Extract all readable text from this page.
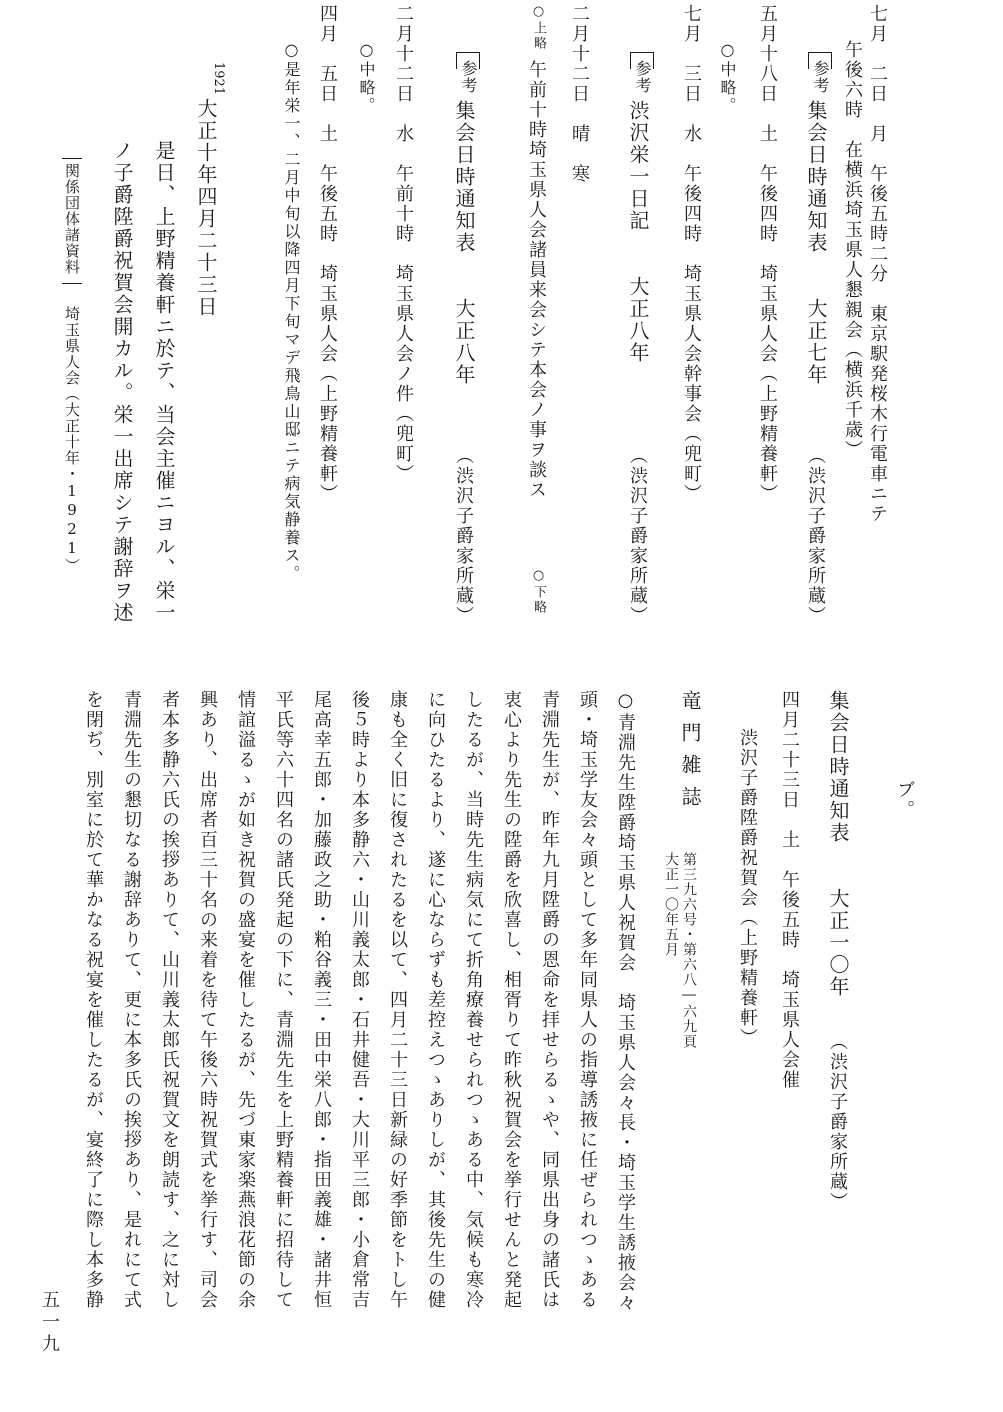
七月　二日　月　午後五時二分　東京駅発桜木行電車ニテ
午後六時　在横浜埼玉県人懇親会（横浜千歳）
参考
集会日時通知表　　大正七年
（渋沢子爵家所蔵）
五月十八日　土　午後四時　埼玉県人会（上野精養軒）
○中略。
七月　三日　水　午後四時　埼玉県人会幹事会（兜町）
参考
渋沢栄一日記　　大正八年
（渋沢子爵家所蔵）
二月十二日　晴　寒
○上略
午前十時埼玉県人会諸員来会シテ本会ノ事ヲ談ス
○下略
参考
集会日時通知表　　大正八年
（渋沢子爵家所蔵）
二月十二日　水　午前十時　埼玉県人会ノ件（兜町）
○中略。
四月　五日　土　午後五時　埼玉県人会（上野精養軒）
○是年栄一、二月中旬以降四月下旬マデ飛鳥山邸ニテ病気静養ス。
1921
大正十年四月二十三日
是日、上野精養軒ニ於テ、当会主催ニヨル、栄一
ノ子爵陞爵祝賀会開カル。栄一出席シテ謝辞ヲ述
関係団体諸資料
埼玉県人会（大正十年・1921）
ブ。
集会日時通知表　　大正一〇年
（渋沢子爵家所蔵）
四月二十三日　土　午後五時　埼玉県人会催
渋沢子爵陞爵祝賀会（上野精養軒）
竜門雑誌
第三九六号・第六八―六九頁
大正一〇年五月
○青淵先生陞爵埼玉県人祝賀会　埼玉県人会々長・埼玉学生誘掖会々
頭・埼玉学友会々頭として多年同県人の指導誘掖に任ぜられつゝある
青淵先生が、昨年九月陞爵の恩命を拝せらるゝや、同県出身の諸氏は
衷心より先生の陞爵を欣喜し、相胥りて昨秋祝賀会を挙行せんと発起
したるが、当時先生病気にて折角療養せられつゝある中、気候も寒冷
に向ひたるより、遂に心ならずも差控えつゝありしが、其後先生の健
康も全く旧に復されたるを以て、四月二十三日新緑の好季節をトし午
後５時より本多静六・山川義太郎・石井健吾・大川平三郎・小倉常吉
尾高幸五郎・加藤政之助・粕谷義三・田中栄八郎・指田義雄・諸井恒
平氏等六十四名の諸氏発起の下に、青淵先生を上野精養軒に招待して
情誼溢るゝが如き祝賀の盛宴を催したるが、先づ東家楽燕浪花節の余
興あり、出席者百三十名の来着を待て午後六時祝賀式を挙行す、司会
者本多静六氏の挨拶ありて、山川義太郎氏祝賀文を朗読す、之に対し
青淵先生の懇切なる謝辞ありて、更に本多氏の挨拶あり、是れにて式
を閉ぢ、別室に於て華かなる祝宴を催したるが、宴終了に際し本多静
五一九
